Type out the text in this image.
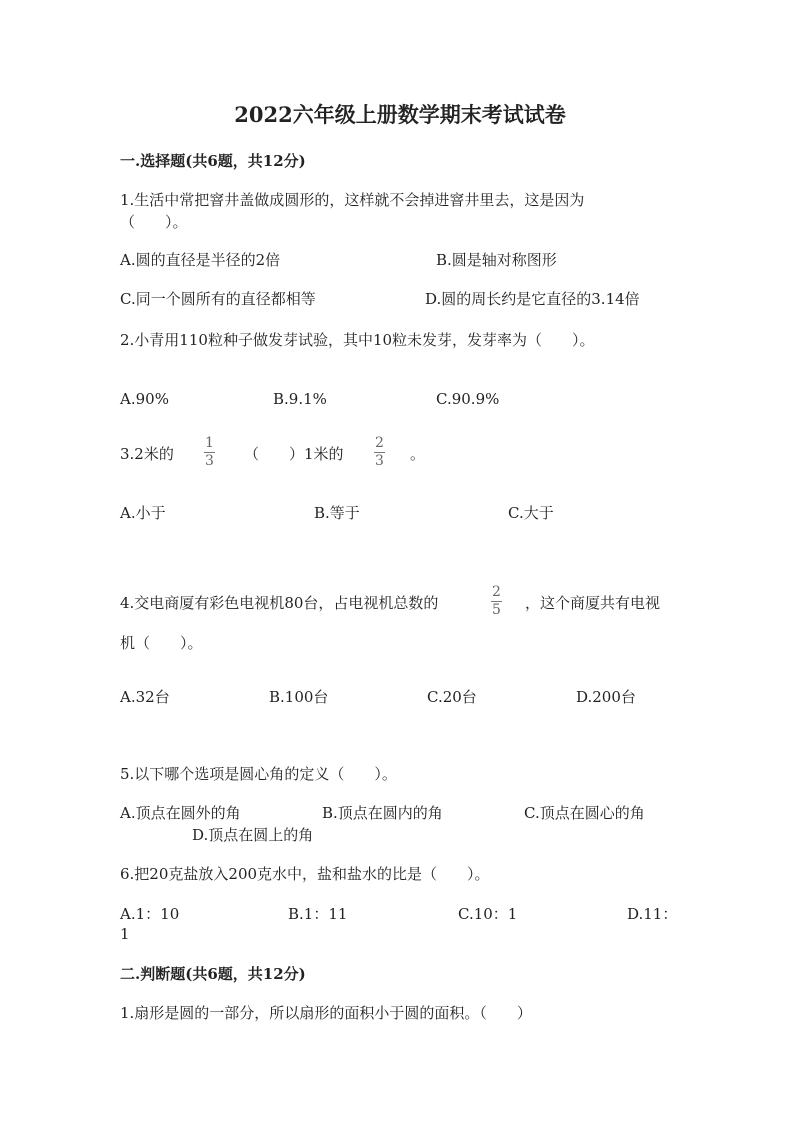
2022六年级上册数学期末考试试卷
一.选择题(共6题，共12分)
1.生活中常把窨井盖做成圆形的，这样就不会掉进窨井里去，这是因为
（　　）。
A.圆的直径是半径的2倍	B.圆是轴对称图形
C.同一个圆所有的直径都相等	D.圆的周长约是它直径的3.14倍
2.小青用110粒种子做发芽试验，其中10粒未发芽，发芽率为（　　）。
A.90%	B.9.1%	C.90.9%
3.2米的
1
3 （　　）1米的
2
3 。
A.小于	B.等于	C.大于
4.交电商厦有彩色电视机80台，占电视机总数的
2
5 ，这个商厦共有电视
机（　　）。
A.32台	B.100台	C.20台	D.200台
5.以下哪个选项是圆心角的定义（　　）。
A.顶点在圆外的角	B.顶点在圆内的角	C.顶点在圆心的角
D.顶点在圆上的角
6.把20克盐放入200克水中，盐和盐水的比是（　　）。
A.1：10	B.1：11	C.10：1	D.11：
1
二.判断题(共6题，共12分)
1.扇形是圆的一部分，所以扇形的面积小于圆的面积。（　　）
